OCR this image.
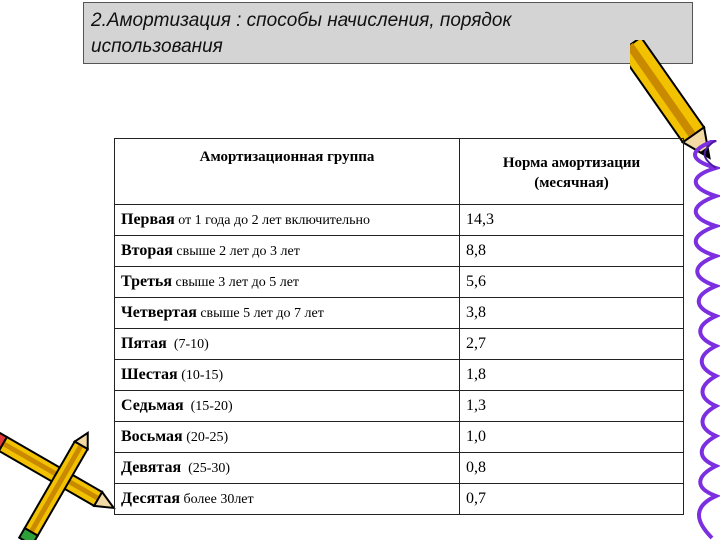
2.Амортизация : способы начисления, порядок
использования
Амортизационная группа	Норма амортизации
(месячная)

Первая от 1 года до 2 лет включительно	14,3
Вторая свыше 2 лет до 3 лет	8,8
Третья свыше 3 лет до 5 лет	5,6
Четвертая свыше 5 лет до 7 лет	3,8
Пятая  (7-10)	2,7
Шестая (10-15)	1,8
Седьмая  (15-20)	1,3
Восьмая (20-25)	1,0
Девятая  (25-30)	0,8
Десятая более 30лет	0,7
